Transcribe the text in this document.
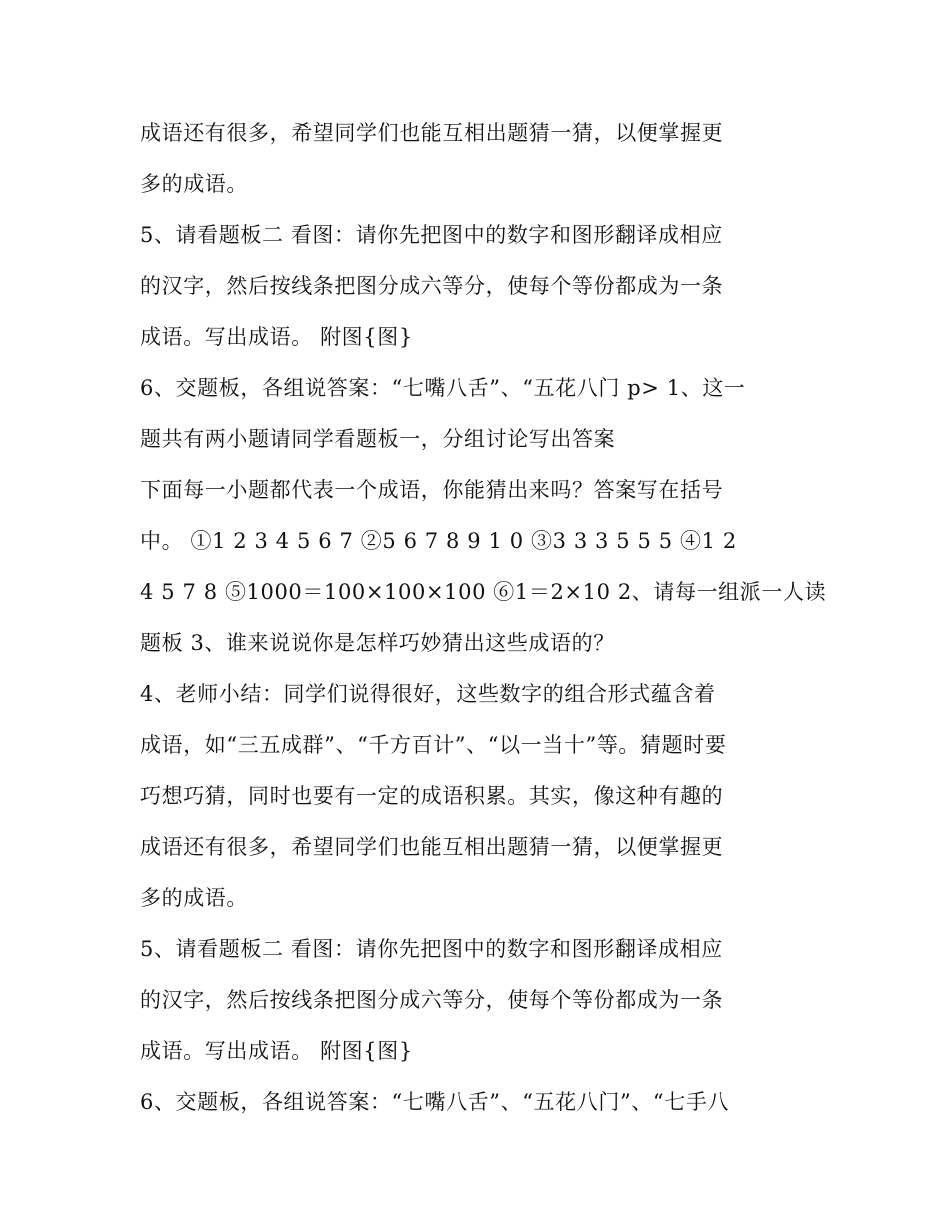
成语还有很多，希望同学们也能互相出题猜一猜，以便掌握更
多的成语。
5、请看题板二 看图：请你先把图中的数字和图形翻译成相应
的汉字，然后按线条把图分成六等分，使每个等份都成为一条
成语。写出成语。 附图{图}
6、交题板，各组说答案：“七嘴八舌”、“五花八门 p> 1、这一
题共有两小题请同学看题板一，分组讨论写出答案
下面每一小题都代表一个成语，你能猜出来吗？答案写在括号
中。 ①1 2 3 4 5 6 7 ②5 6 7 8 9 1 0 ③3 3 3 5 5 5 ④1 2
4 5 7 8 ⑤1000＝100×100×100 ⑥1＝2×10 2、请每一组派一人读
题板 3、谁来说说你是怎样巧妙猜出这些成语的？
4、老师小结：同学们说得很好，这些数字的组合形式蕴含着
成语，如“三五成群”、“千方百计”、“以一当十”等。猜题时要
巧想巧猜，同时也要有一定的成语积累。其实，像这种有趣的
成语还有很多，希望同学们也能互相出题猜一猜，以便掌握更
多的成语。
5、请看题板二 看图：请你先把图中的数字和图形翻译成相应
的汉字，然后按线条把图分成六等分，使每个等份都成为一条
成语。写出成语。 附图{图}
6、交题板，各组说答案：“七嘴八舌”、“五花八门”、“七手八
